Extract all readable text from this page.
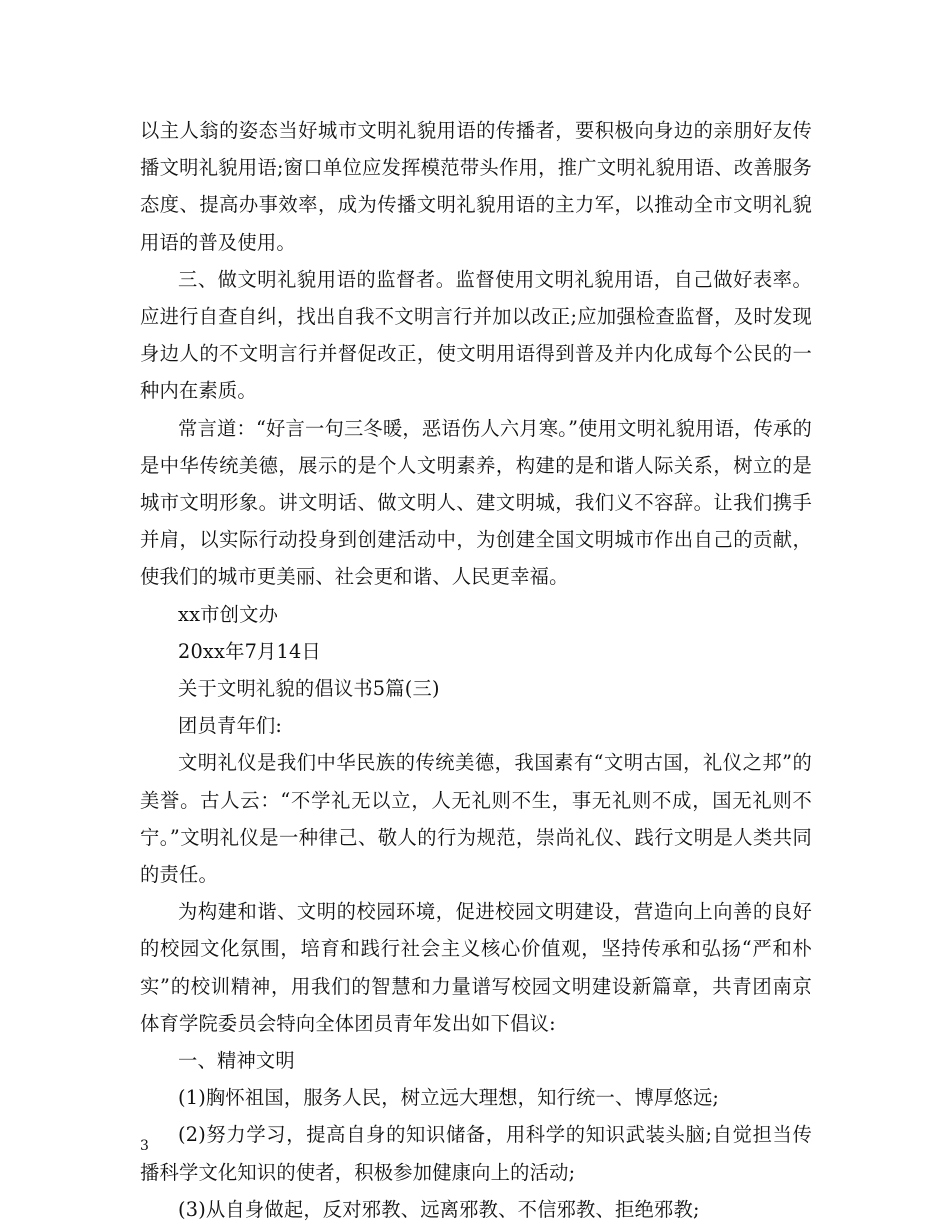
以主人翁的姿态当好城市文明礼貌用语的传播者，要积极向身边的亲朋好友传播文明礼貌用语;窗口单位应发挥模范带头作用，推广文明礼貌用语、改善服务态度、提高办事效率，成为传播文明礼貌用语的主力军，以推动全市文明礼貌用语的普及使用。

三、做文明礼貌用语的监督者。监督使用文明礼貌用语，自己做好表率。应进行自查自纠，找出自我不文明言行并加以改正;应加强检查监督，及时发现身边人的不文明言行并督促改正，使文明用语得到普及并内化成每个公民的一种内在素质。

常言道：“好言一句三冬暖，恶语伤人六月寒。”使用文明礼貌用语，传承的是中华传统美德，展示的是个人文明素养，构建的是和谐人际关系，树立的是城市文明形象。讲文明话、做文明人、建文明城，我们义不容辞。让我们携手并肩，以实际行动投身到创建活动中，为创建全国文明城市作出自己的贡献，使我们的城市更美丽、社会更和谐、人民更幸福。

xx市创文办

20xx年7月14日

关于文明礼貌的倡议书5篇(三)

团员青年们:

文明礼仪是我们中华民族的传统美德，我国素有“文明古国，礼仪之邦”的美誉。古人云：“不学礼无以立，人无礼则不生，事无礼则不成，国无礼则不宁。”文明礼仪是一种律己、敬人的行为规范，崇尚礼仪、践行文明是人类共同的责任。

为构建和谐、文明的校园环境，促进校园文明建设，营造向上向善的良好的校园文化氛围，培育和践行社会主义核心价值观，坚持传承和弘扬“严和朴实”的校训精神，用我们的智慧和力量谱写校园文明建设新篇章，共青团南京体育学院委员会特向全体团员青年发出如下倡议:

一、精神文明

(1)胸怀祖国，服务人民，树立远大理想，知行统一、博厚悠远;

(2)努力学习，提高自身的知识储备，用科学的知识武装头脑;自觉担当传播科学文化知识的使者，积极参加健康向上的活动;

(3)从自身做起，反对邪教、远离邪教、不信邪教、拒绝邪教;

3
